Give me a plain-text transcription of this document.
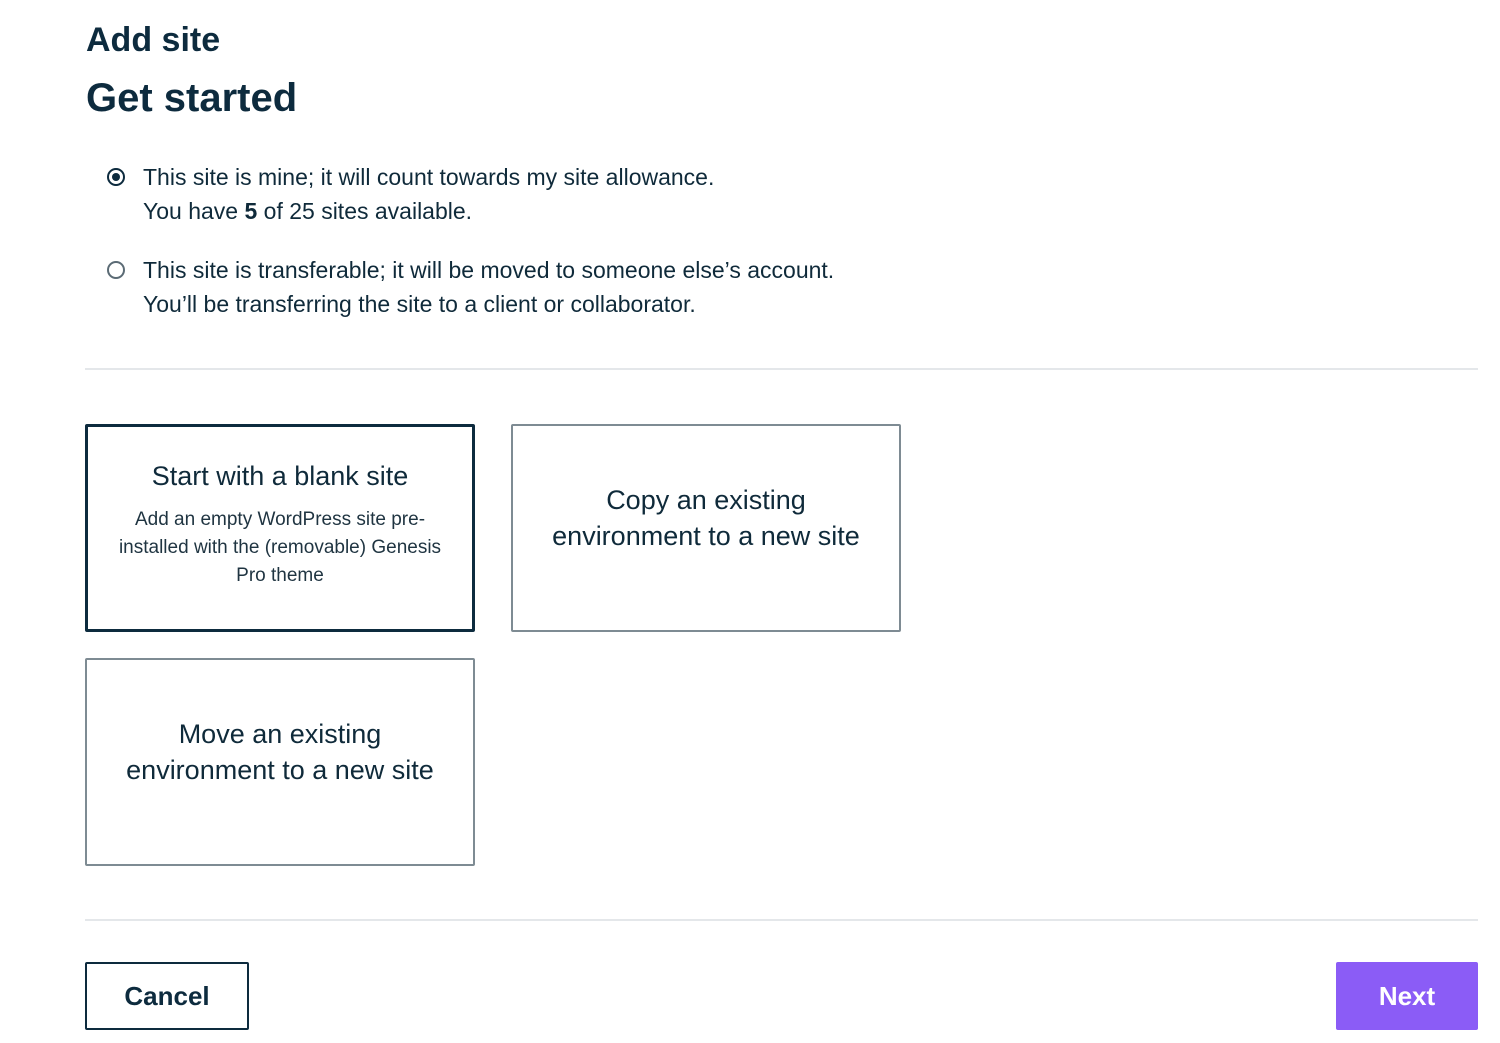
Add site
Get started
This site is mine; it will count towards my site allowance.
You have 5 of 25 sites available.
This site is transferable; it will be moved to someone else’s account.
You’ll be transferring the site to a client or collaborator.
Start with a blank site
Add an empty WordPress site pre-installed with the (removable) Genesis Pro theme
Copy an existing environment to a new site
Move an existing environment to a new site
Cancel	Next
